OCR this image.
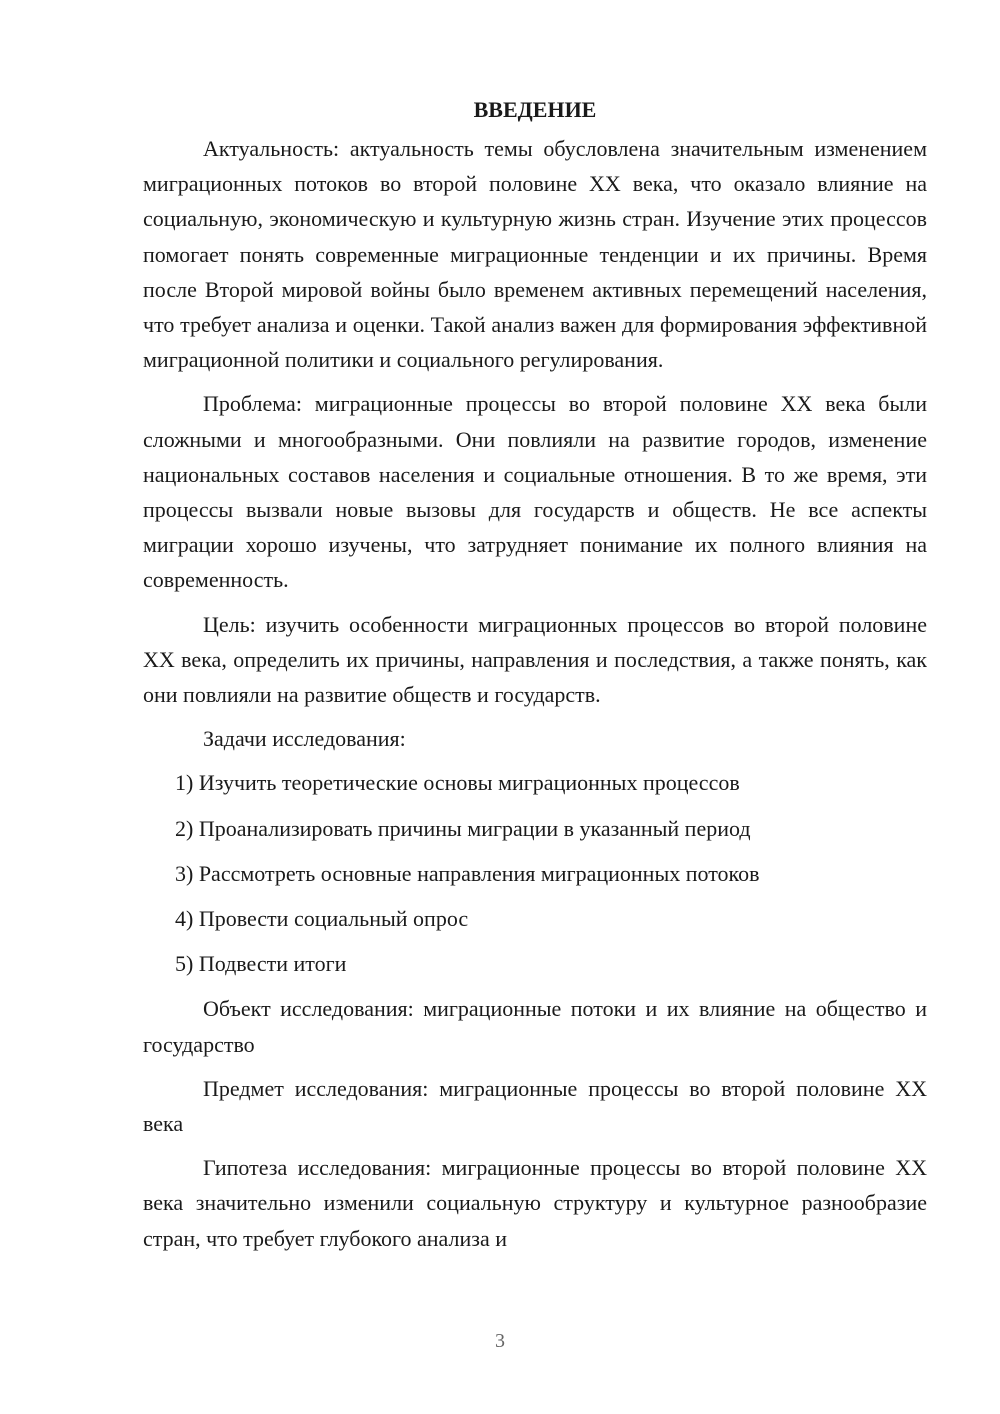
ВВЕДЕНИЕ

Актуальность: актуальность темы обусловлена значительным изменением миграционных потоков во второй половине XX века, что оказало влияние на социальную, экономическую и культурную жизнь стран. Изучение этих процессов помогает понять современные миграционные тенденции и их причины. Время после Второй мировой войны было временем активных перемещений населения, что требует анализа и оценки. Такой анализ важен для формирования эффективной миграционной политики и социального регулирования.

Проблема: миграционные процессы во второй половине XX века были сложными и многообразными. Они повлияли на развитие городов, изменение национальных составов населения и социальные отношения. В то же время, эти процессы вызвали новые вызовы для государств и обществ. Не все аспекты миграции хорошо изучены, что затрудняет понимание их полного влияния на современность.

Цель: изучить особенности миграционных процессов во второй половине XX века, определить их причины, направления и последствия, а также понять, как они повлияли на развитие обществ и государств.

Задачи исследования:

1) Изучить теоретические основы миграционных процессов
2) Проанализировать причины миграции в указанный период
3) Рассмотреть основные направления миграционных потоков
4) Провести социальный опрос
5) Подвести итоги

Объект исследования: миграционные потоки и их влияние на общество и государство

Предмет исследования: миграционные процессы во второй половине XX века

Гипотеза исследования: миграционные процессы во второй половине XX века значительно изменили социальную структуру и культурное разнообразие стран, что требует глубокого анализа и

3
